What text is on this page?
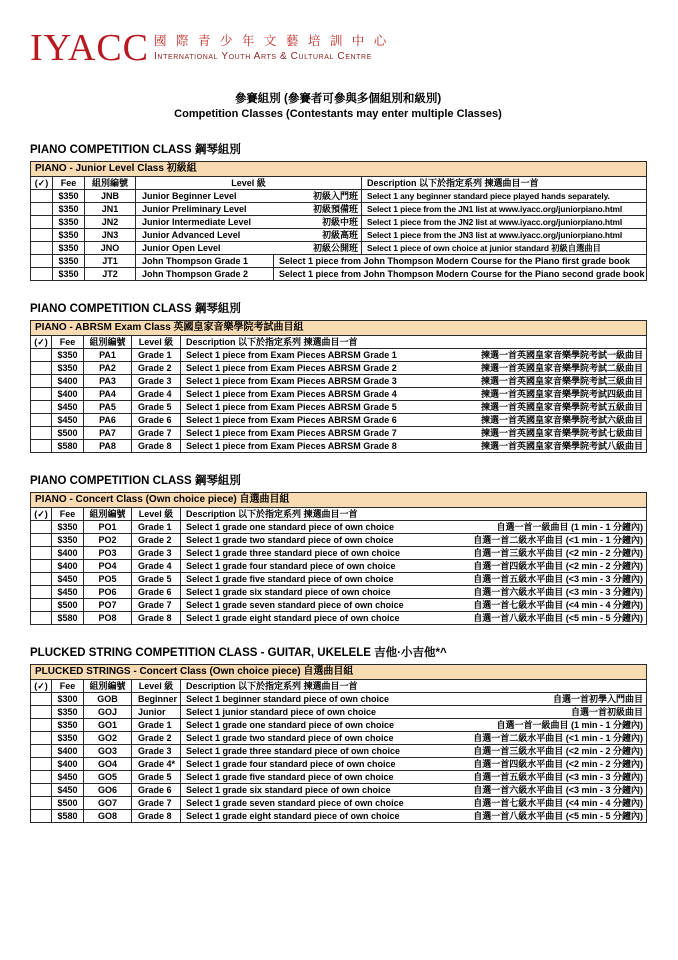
IYACC 國 際 青 少 年 文 藝 培 訓 中 心
International Youth Arts & Cultural Centre
參賽組別 (參賽者可參與多個組別和級別)
Competition Classes (Contestants may enter multiple Classes)
PIANO COMPETITION CLASS 鋼琴組別
PIANO - Junior Level Class 初級組					
(✓)	Fee	組別編號	Level 級		Description 以下於指定系列 揀選曲目一首
	$350	JNB	Junior Beginner Level 初級入門班		Select 1 any beginner standard piece played hands separately.
	$350	JN1	Junior Preliminary Level 初級預備班		Select 1 piece from the JN1 list at www.iyacc.org/juniorpiano.html
	$350	JN2	Junior Intermediate Level 初級中班		Select 1 piece from the JN2 list at www.iyacc.org/juniorpiano.html
	$350	JN3	Junior Advanced Level 初級高班		Select 1 piece from the JN3 list at www.iyacc.org/juniorpiano.html
	$350	JNO	Junior Open Level 初級公開班		Select 1 piece of own choice at junior standard 初級自選曲目
	$350	JT1	John Thompson Grade 1	Select 1 piece from John Thompson Modern Course for the Piano first grade book	
	$350	JT2	John Thompson Grade 2	Select 1 piece from John Thompson Modern Course for the Piano second grade book	
PIANO COMPETITION CLASS 鋼琴組別
PIANO - ABRSM Exam Class 英國皇家音樂學院考試曲目組				
(✓)	Fee	組別編號	Level 級	Description 以下於指定系列 揀選曲目一首
	$350	PA1	Grade 1	Select 1 piece from Exam Pieces ABRSM Grade 1 揀選一首英國皇家音樂學院考試一級曲目

	$350	PA2	Grade 2	Select 1 piece from Exam Pieces ABRSM Grade 2 揀選一首英國皇家音樂學院考試二級曲目

	$400	PA3	Grade 3	Select 1 piece from Exam Pieces ABRSM Grade 3 揀選一首英國皇家音樂學院考試三級曲目

	$400	PA4	Grade 4	Select 1 piece from Exam Pieces ABRSM Grade 4 揀選一首英國皇家音樂學院考試四級曲目

	$450	PA5	Grade 5	Select 1 piece from Exam Pieces ABRSM Grade 5 揀選一首英國皇家音樂學院考試五級曲目

	$450	PA6	Grade 6	Select 1 piece from Exam Pieces ABRSM Grade 6 揀選一首英國皇家音樂學院考試六級曲目

	$500	PA7	Grade 7	Select 1 piece from Exam Pieces ABRSM Grade 7 揀選一首英國皇家音樂學院考試七級曲目

	$580	PA8	Grade 8	Select 1 piece from Exam Pieces ABRSM Grade 8 揀選一首英國皇家音樂學院考試八級曲目
PIANO COMPETITION CLASS 鋼琴組別
PIANO - Concert Class (Own choice piece) 自選曲目組				
(✓)	Fee	組別編號	Level 級	Description 以下於指定系列 揀選曲目一首
	$350	PO1	Grade 1	Select 1 grade one standard piece of own choice 自選一首一級曲目 (1 min - 1 分鐘內)

	$350	PO2	Grade 2	Select 1 grade two standard piece of own choice 自選一首二級水平曲目 (<1 min - 1 分鐘內)

	$400	PO3	Grade 3	Select 1 grade three standard piece of own choice 自選一首三級水平曲目 (<2 min - 2 分鐘內)

	$400	PO4	Grade 4	Select 1 grade four standard piece of own choice 自選一首四級水平曲目 (<2 min - 2 分鐘內)

	$450	PO5	Grade 5	Select 1 grade five standard piece of own choice 自選一首五級水平曲目 (<3 min - 3 分鐘內)

	$450	PO6	Grade 6	Select 1 grade six standard piece of own choice 自選一首六級水平曲目 (<3 min - 3 分鐘內)

	$500	PO7	Grade 7	Select 1 grade seven standard piece of own choice 自選一首七級水平曲目 (<4 min - 4 分鐘內)

	$580	PO8	Grade 8	Select 1 grade eight standard piece of own choice 自選一首八級水平曲目 (<5 min - 5 分鐘內)
PLUCKED STRING COMPETITION CLASS - GUITAR, UKELELE 吉他·小吉他*^
PLUCKED STRINGS - Concert Class (Own choice piece) 自選曲目組				
(✓)	Fee	組別編號	Level 級	Description 以下於指定系列 揀選曲目一首
	$300	GOB	Beginner	Select 1 beginner standard piece of own choice 自選一首初學入門曲目

	$350	GOJ	Junior	Select 1 junior standard piece of own choice 自選一首初級曲目

	$350	GO1	Grade 1	Select 1 grade one standard piece of own choice 自選一首一級曲目 (1 min - 1 分鐘內)

	$350	GO2	Grade 2	Select 1 grade two standard piece of own choice 自選一首二級水平曲目 (<1 min - 1 分鐘內)

	$400	GO3	Grade 3	Select 1 grade three standard piece of own choice 自選一首三級水平曲目 (<2 min - 2 分鐘內)

	$400	GO4	Grade 4*	Select 1 grade four standard piece of own choice 自選一首四級水平曲目 (<2 min - 2 分鐘內)

	$450	GO5	Grade 5	Select 1 grade five standard piece of own choice 自選一首五級水平曲目 (<3 min - 3 分鐘內)

	$450	GO6	Grade 6	Select 1 grade six standard piece of own choice 自選一首六級水平曲目 (<3 min - 3 分鐘內)

	$500	GO7	Grade 7	Select 1 grade seven standard piece of own choice 自選一首七級水平曲目 (<4 min - 4 分鐘內)

	$580	GO8	Grade 8	Select 1 grade eight standard piece of own choice 自選一首八級水平曲目 (<5 min - 5 分鐘內)
